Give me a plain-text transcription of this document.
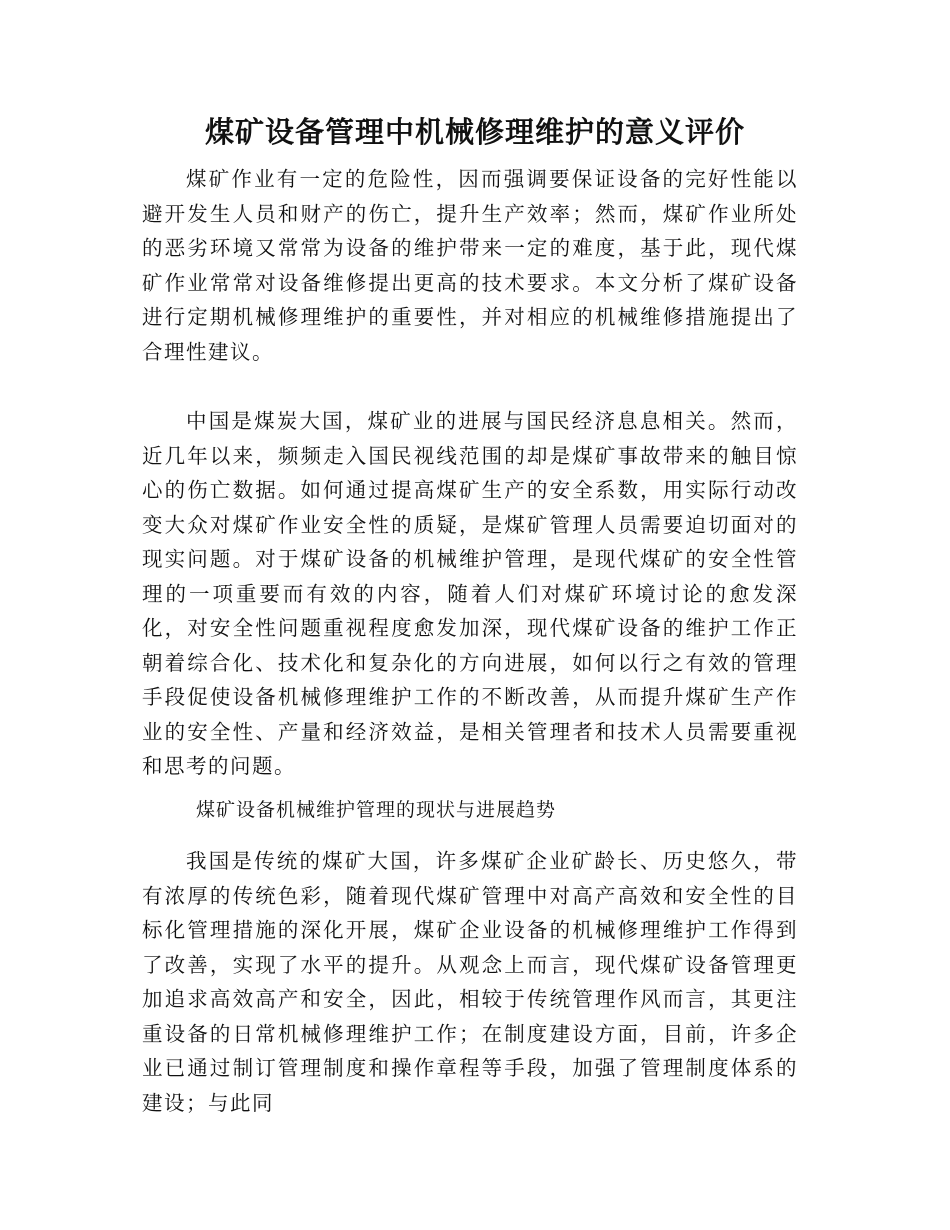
煤矿设备管理中机械修理维护的意义评价

煤矿作业有一定的危险性，因而强调要保证设备的完好性能以避开发生人员和财产的伤亡，提升生产效率；然而，煤矿作业所处的恶劣环境又常常为设备的维护带来一定的难度，基于此，现代煤矿作业常常对设备维修提出更高的技术要求。本文分析了煤矿设备进行定期机械修理维护的重要性，并对相应的机械维修措施提出了合理性建议。

中国是煤炭大国，煤矿业的进展与国民经济息息相关。然而，近几年以来，频频走入国民视线范围的却是煤矿事故带来的触目惊心的伤亡数据。如何通过提高煤矿生产的安全系数，用实际行动改变大众对煤矿作业安全性的质疑，是煤矿管理人员需要迫切面对的现实问题。对于煤矿设备的机械维护管理，是现代煤矿的安全性管理的一项重要而有效的内容，随着人们对煤矿环境讨论的愈发深化，对安全性问题重视程度愈发加深，现代煤矿设备的维护工作正朝着综合化、技术化和复杂化的方向进展，如何以行之有效的管理手段促使设备机械修理维护工作的不断改善，从而提升煤矿生产作业的安全性、产量和经济效益，是相关管理者和技术人员需要重视和思考的问题。

煤矿设备机械维护管理的现状与进展趋势

我国是传统的煤矿大国，许多煤矿企业矿龄长、历史悠久，带有浓厚的传统色彩，随着现代煤矿管理中对高产高效和安全性的目标化管理措施的深化开展，煤矿企业设备的机械修理维护工作得到了改善，实现了水平的提升。从观念上而言，现代煤矿设备管理更加追求高效高产和安全，因此，相较于传统管理作风而言，其更注重设备的日常机械修理维护工作；在制度建设方面，目前，许多企业已通过制订管理制度和操作章程等手段，加强了管理制度体系的建设；与此同
